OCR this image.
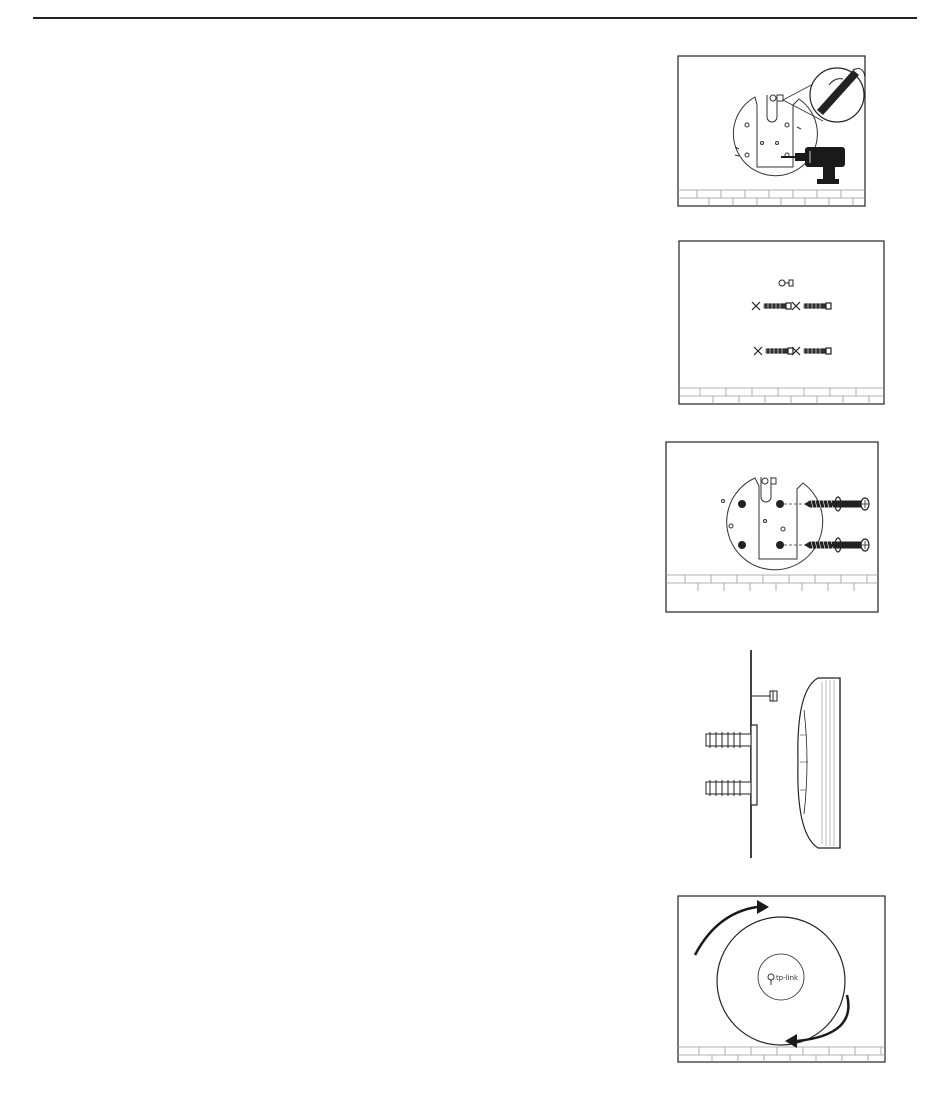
tp-link
